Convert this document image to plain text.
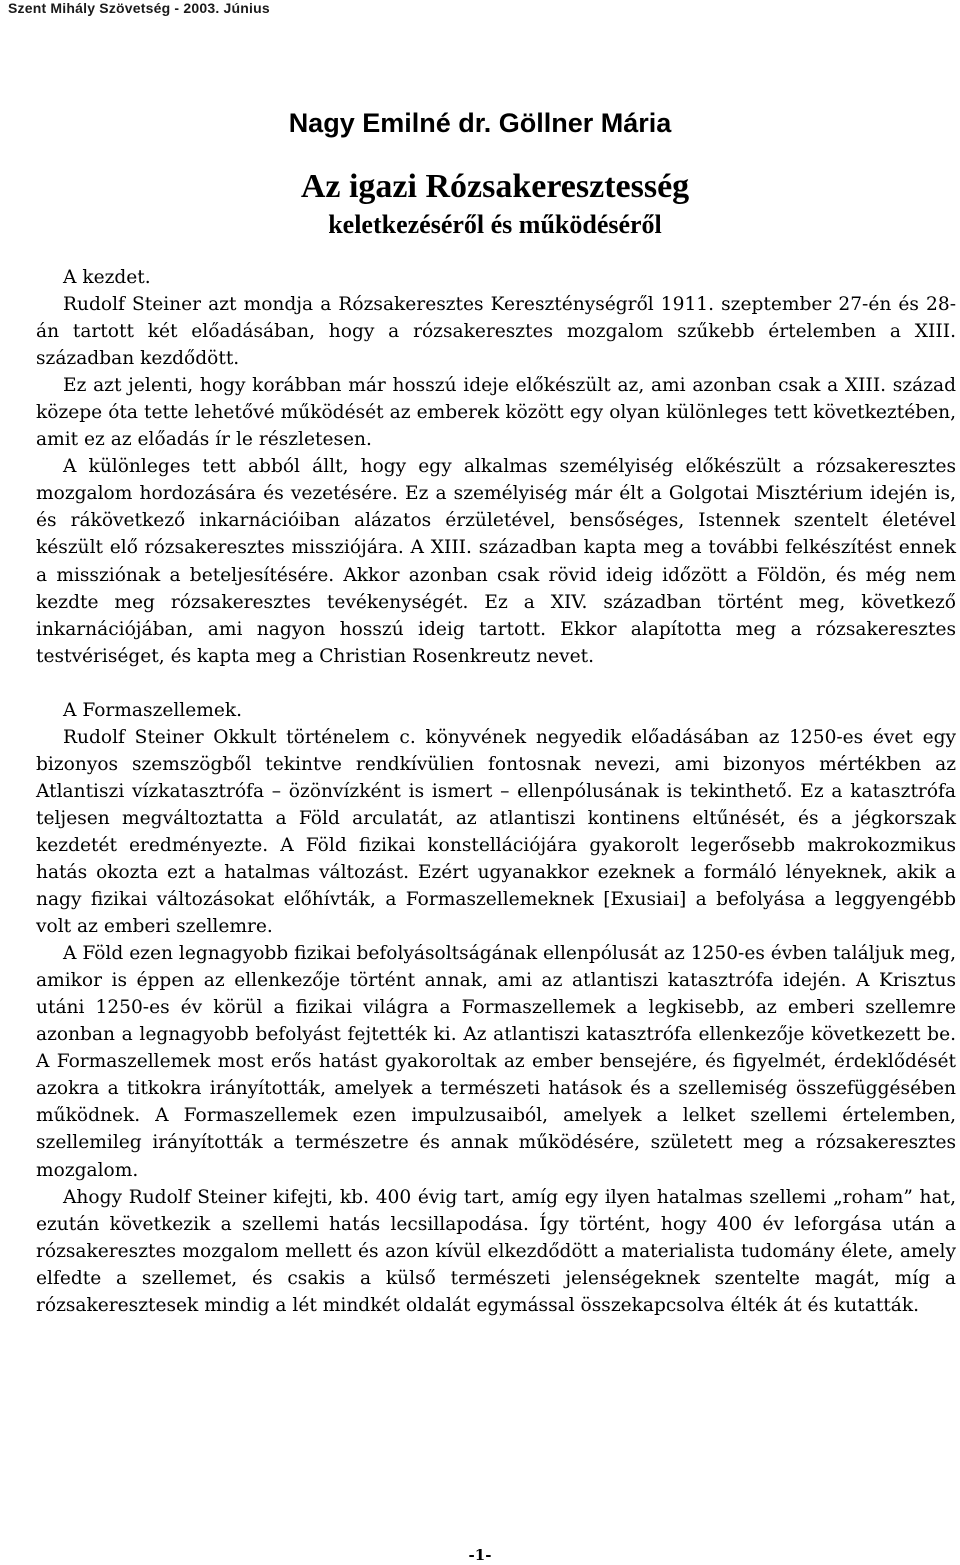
Szent Mihály Szövetség - 2003. Június
Nagy Emilné dr. Göllner Mária
Az igazi Rózsakeresztesség
keletkezéséről és működéséről

A kezdet.

Rudolf Steiner azt mondja a Rózsakeresztes Kereszténységről 1911. szeptember 27-én és 28-án tartott két előadásában, hogy a rózsakeresztes mozgalom szűkebb értelemben a XIII. században kezdődött.

Ez azt jelenti, hogy korábban már hosszú ideje előkészült az, ami azonban csak a XIII. század közepe óta tette lehetővé működését az emberek között egy olyan különleges tett következtében, amit ez az előadás ír le részletesen.

A különleges tett abból állt, hogy egy alkalmas személyiség előkészült a rózsakeresztes mozgalom hordozására és vezetésére. Ez a személyiség már élt a Golgotai Misztérium idején is, és rákövetkező inkarnációiban alázatos érzületével, bensőséges, Istennek szentelt életével készült elő rózsakeresztes missziójára. A XIII. században kapta meg a további felkészítést ennek a missziónak a beteljesítésére. Akkor azonban csak rövid ideig időzött a Földön, és még nem kezdte meg rózsakeresztes tevékenységét. Ez a XIV. században történt meg, következő inkarnációjában, ami nagyon hosszú ideig tartott. Ekkor alapította meg a rózsakeresztes testvériséget, és kapta meg a Christian Rosenkreutz nevet.

A Formaszellemek.

Rudolf Steiner Okkult történelem c. könyvének negyedik előadásában az 1250-es évet egy bizonyos szemszögből tekintve rendkívülien fontosnak nevezi, ami bizonyos mértékben az Atlantiszi vízkatasztrófa – özönvízként is ismert – ellenpólusának is tekinthető. Ez a katasztrófa teljesen megváltoztatta a Föld arculatát, az atlantiszi kontinens eltűnését, és a jégkorszak kezdetét eredményezte. A Föld fizikai konstellációjára gyakorolt legerősebb makrokozmikus hatás okozta ezt a hatalmas változást. Ezért ugyanakkor ezeknek a formáló lényeknek, akik a nagy fizikai változásokat előhívták, a Formaszellemeknek [Exusiai] a befolyása a leggyengébb volt az emberi szellemre.

A Föld ezen legnagyobb fizikai befolyásoltságának ellenpólusát az 1250-es évben találjuk meg, amikor is éppen az ellenkezője történt annak, ami az atlantiszi katasztrófa idején. A Krisztus utáni 1250-es év körül a fizikai világra a Formaszellemek a legkisebb, az emberi szellemre azonban a legnagyobb befolyást fejtették ki. Az atlantiszi katasztrófa ellenkezője következett be. A Formaszellemek most erős hatást gyakoroltak az ember bensejére, és figyelmét, érdeklődését azokra a titkokra irányították, amelyek a természeti hatások és a szellemiség összefüggésében működnek. A Formaszellemek ezen impulzusaiból, amelyek a lelket szellemi értelemben, szellemileg irányították a természetre és annak működésére, született meg a rózsakeresztes mozgalom.

Ahogy Rudolf Steiner kifejti, kb. 400 évig tart, amíg egy ilyen hatalmas szellemi „roham” hat, ezután következik a szellemi hatás lecsillapodása. Így történt, hogy 400 év leforgása után a rózsakeresztes mozgalom mellett és azon kívül elkezdődött a materialista tudomány élete, amely elfedte a szellemet, és csakis a külső természeti jelenségeknek szentelte magát, míg a rózsakeresztesek mindig a lét mindkét oldalát egymással összekapcsolva élték át és kutatták.

-1-
